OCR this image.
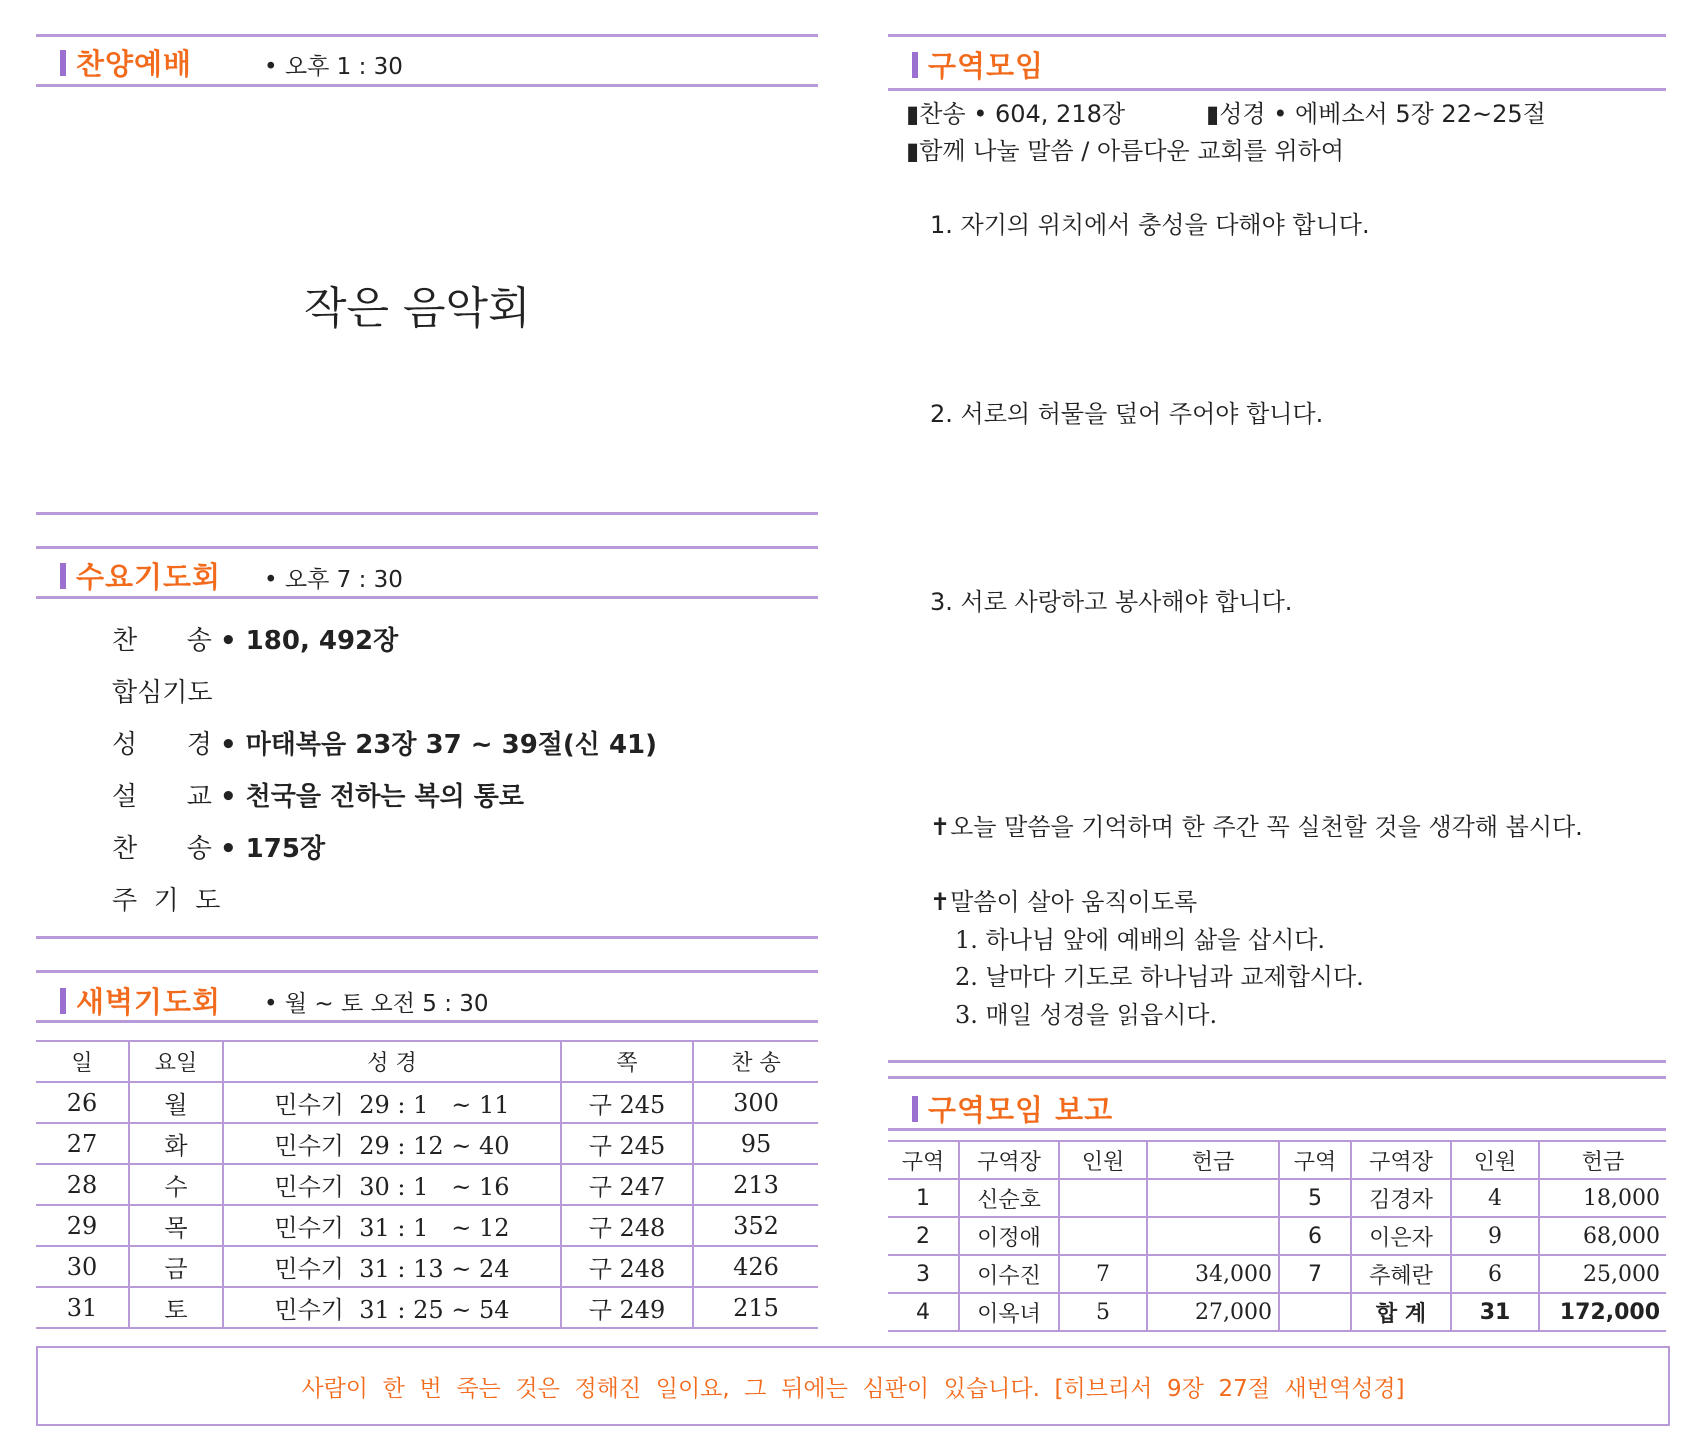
찬양예배	• 오후 1 : 30
작은 음악회
수요기도회 • 오후 7 : 30
찬      송	• 180, 492장
합심기도
성      경	• 마태복음 23장 37 ~ 39절(신 41)
설      교	• 천국을 전하는 복의 통로
찬      송	• 175장
주  기  도
새벽기도회 • 월 ~ 토 오전 5 : 30
일	요일	성 경	쪽	찬 송
26	월	민수기  29 : 1   ~ 11	구 245	300
27	화	민수기  29 : 12 ~ 40	구 245	95
28	수	민수기  30 : 1   ~ 16	구 247	213
29	목	민수기  31 : 1   ~ 12	구 248	352
30	금	민수기  31 : 13 ~ 24	구 248	426
31	토	민수기  31 : 25 ~ 54	구 249	215
구역모임
▮찬송 • 604, 218장	▮성경 • 에베소서 5장 22~25절
▮함께 나눌 말씀 / 아름다운 교회를 위하여
1. 자기의 위치에서 충성을 다해야 합니다.
2. 서로의 허물을 덮어 주어야 합니다.
3. 서로 사랑하고 봉사해야 합니다.
✝오늘 말씀을 기억하며 한 주간 꼭 실천할 것을 생각해 봅시다.
✝말씀이 살아 움직이도록
1. 하나님 앞에 예배의 삶을 삽시다.
2. 날마다 기도로 하나님과 교제합시다.
3. 매일 성경을 읽읍시다.
구역모임 보고
구역	구역장	인원	헌금	구역	구역장	인원	헌금
1	신순호			5	김경자	4	18,000
2	이정애			6	이은자	9	68,000
3	이수진	7	34,000	7	추혜란	6	25,000
4	이옥녀	5	27,000		합 계	31	172,000
사람이  한  번  죽는  것은  정해진  일이요,  그  뒤에는  심판이  있습니다.  [히브리서  9장  27절  새번역성경]
